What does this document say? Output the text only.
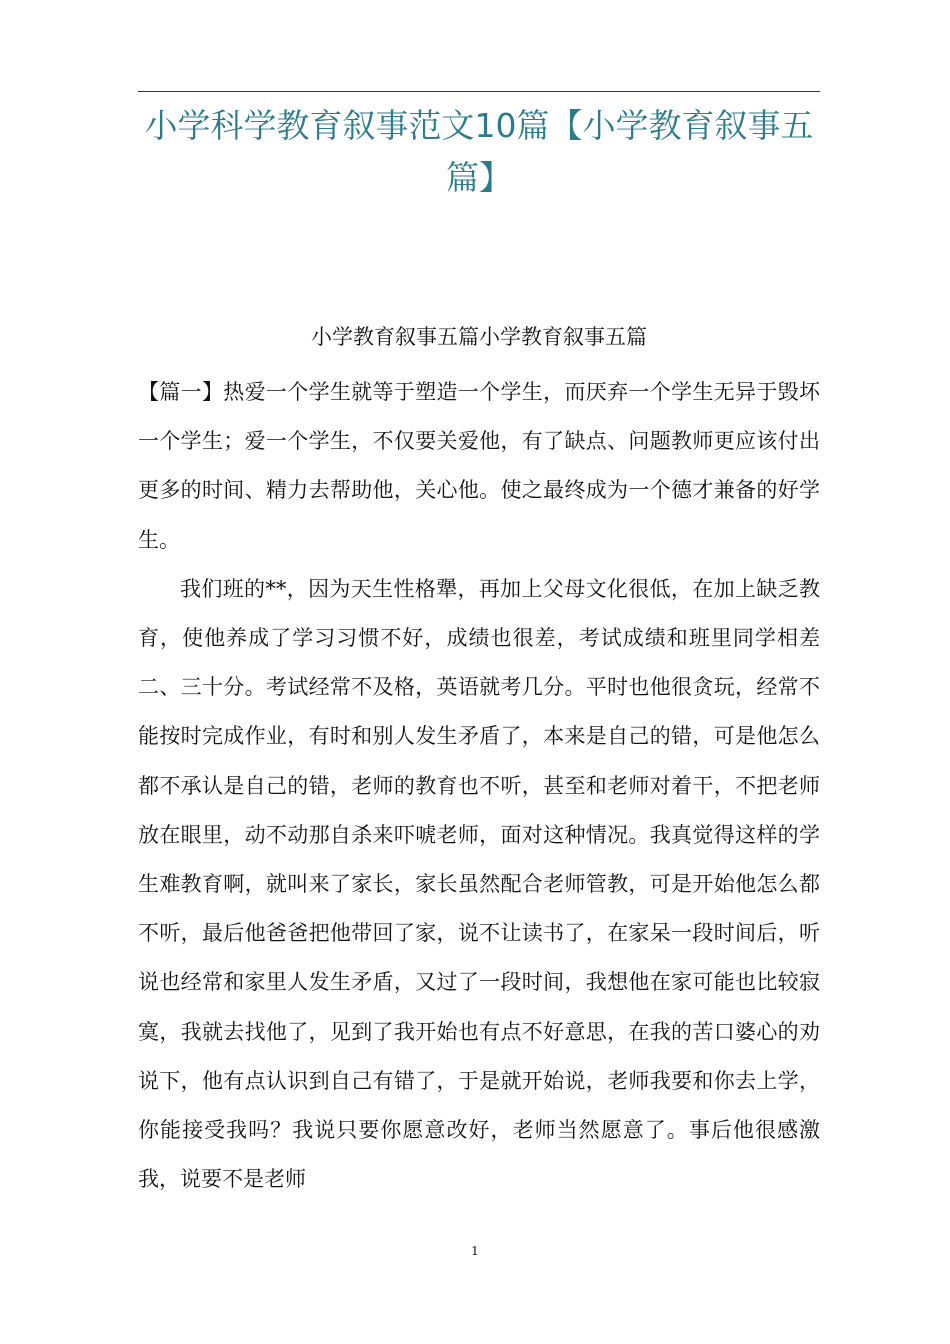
小学科学教育叙事范文10篇【小学教育叙事五篇】

小学教育叙事五篇小学教育叙事五篇

【篇一】热爱一个学生就等于塑造一个学生，而厌弃一个学生无异于毁坏一个学生；爱一个学生，不仅要关爱他，有了缺点、问题教师更应该付出更多的时间、精力去帮助他，关心他。使之最终成为一个德才兼备的好学生。

我们班的**，因为天生性格犟，再加上父母文化很低，在加上缺乏教育，使他养成了学习习惯不好，成绩也很差，考试成绩和班里同学相差二、三十分。考试经常不及格，英语就考几分。平时也他很贪玩，经常不能按时完成作业，有时和别人发生矛盾了，本来是自己的错，可是他怎么都不承认是自己的错，老师的教育也不听，甚至和老师对着干，不把老师放在眼里，动不动那自杀来吓唬老师，面对这种情况。我真觉得这样的学生难教育啊，就叫来了家长，家长虽然配合老师管教，可是开始他怎么都不听，最后他爸爸把他带回了家，说不让读书了，在家呆一段时间后，听说也经常和家里人发生矛盾，又过了一段时间，我想他在家可能也比较寂寞，我就去找他了，见到了我开始也有点不好意思，在我的苦口婆心的劝说下，他有点认识到自己有错了，于是就开始说，老师我要和你去上学，你能接受我吗？我说只要你愿意改好，老师当然愿意了。事后他很感激我，说要不是老师

1
